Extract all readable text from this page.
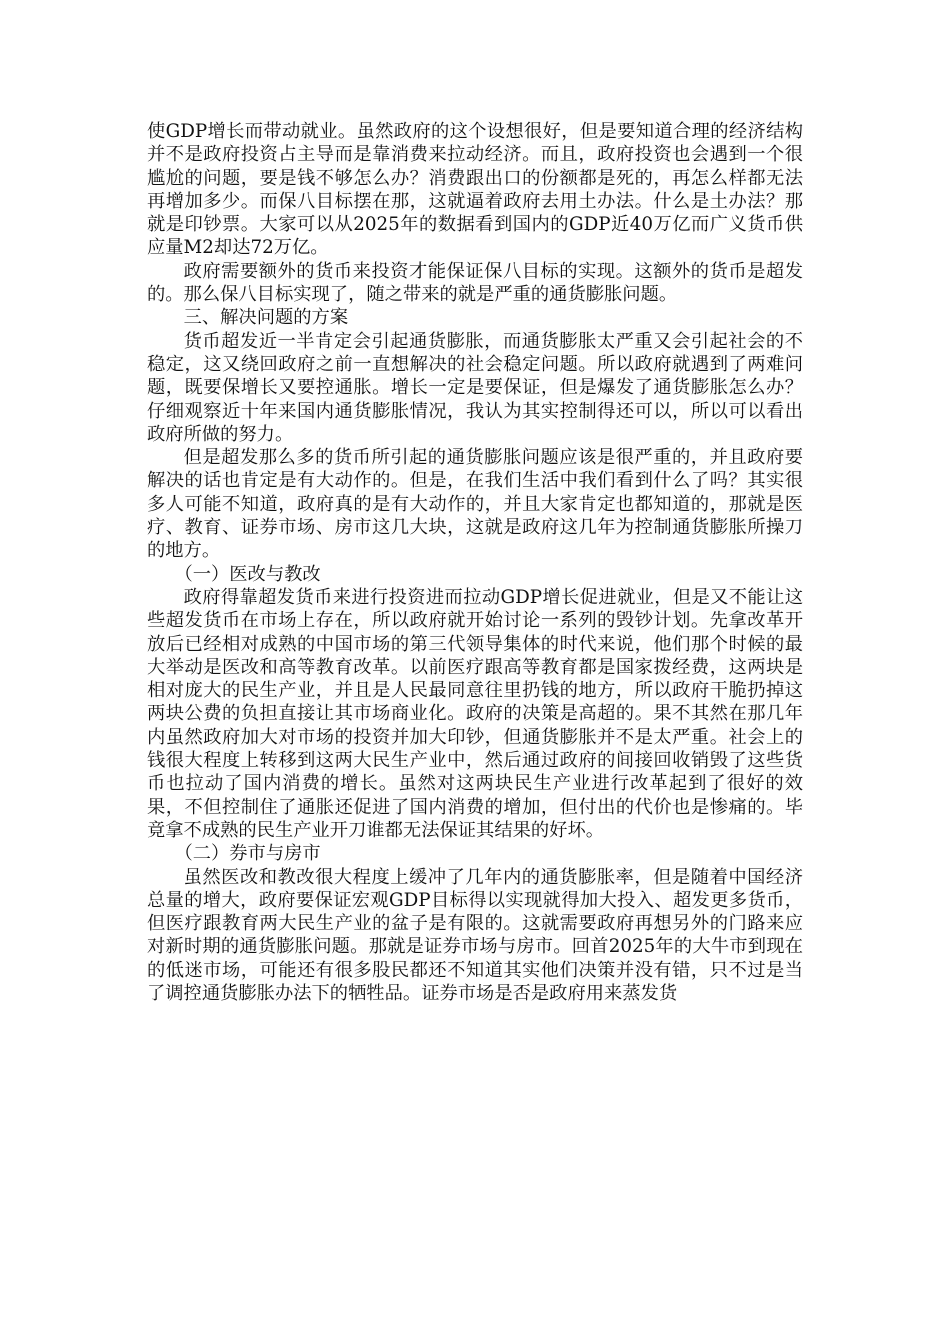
使GDP增长而带动就业。虽然政府的这个设想很好，但是要知道合理的经济结构并不是政府投资占主导而是靠消费来拉动经济。而且，政府投资也会遇到一个很尴尬的问题，要是钱不够怎么办？消费跟出口的份额都是死的，再怎么样都无法再增加多少。而保八目标摆在那，这就逼着政府去用土办法。什么是土办法？那就是印钞票。大家可以从2025年的数据看到国内的GDP近40万亿而广义货币供应量M2却达72万亿。

政府需要额外的货币来投资才能保证保八目标的实现。这额外的货币是超发的。那么保八目标实现了，随之带来的就是严重的通货膨胀问题。

三、解决问题的方案

货币超发近一半肯定会引起通货膨胀，而通货膨胀太严重又会引起社会的不稳定，这又绕回政府之前一直想解决的社会稳定问题。所以政府就遇到了两难问题，既要保增长又要控通胀。增长一定是要保证，但是爆发了通货膨胀怎么办？仔细观察近十年来国内通货膨胀情况，我认为其实控制得还可以，所以可以看出政府所做的努力。

但是超发那么多的货币所引起的通货膨胀问题应该是很严重的，并且政府要解决的话也肯定是有大动作的。但是，在我们生活中我们看到什么了吗？其实很多人可能不知道，政府真的是有大动作的，并且大家肯定也都知道的，那就是医疗、教育、证券市场、房市这几大块，这就是政府这几年为控制通货膨胀所操刀的地方。

（一）医改与教改

政府得靠超发货币来进行投资进而拉动GDP增长促进就业，但是又不能让这些超发货币在市场上存在，所以政府就开始讨论一系列的毁钞计划。先拿改革开放后已经相对成熟的中国市场的第三代领导集体的时代来说，他们那个时候的最大举动是医改和高等教育改革。以前医疗跟高等教育都是国家拨经费，这两块是相对庞大的民生产业，并且是人民最同意往里扔钱的地方，所以政府干脆扔掉这两块公费的负担直接让其市场商业化。政府的决策是高超的。果不其然在那几年内虽然政府加大对市场的投资并加大印钞，但通货膨胀并不是太严重。社会上的钱很大程度上转移到这两大民生产业中，然后通过政府的间接回收销毁了这些货币也拉动了国内消费的增长。虽然对这两块民生产业进行改革起到了很好的效果，不但控制住了通胀还促进了国内消费的增加，但付出的代价也是惨痛的。毕竟拿不成熟的民生产业开刀谁都无法保证其结果的好坏。

（二）券市与房市

虽然医改和教改很大程度上缓冲了几年内的通货膨胀率，但是随着中国经济总量的增大，政府要保证宏观GDP目标得以实现就得加大投入、超发更多货币，但医疗跟教育两大民生产业的盆子是有限的。这就需要政府再想另外的门路来应对新时期的通货膨胀问题。那就是证券市场与房市。回首2025年的大牛市到现在的低迷市场，可能还有很多股民都还不知道其实他们决策并没有错，只不过是当了调控通货膨胀办法下的牺牲品。证券市场是否是政府用来蒸发货
